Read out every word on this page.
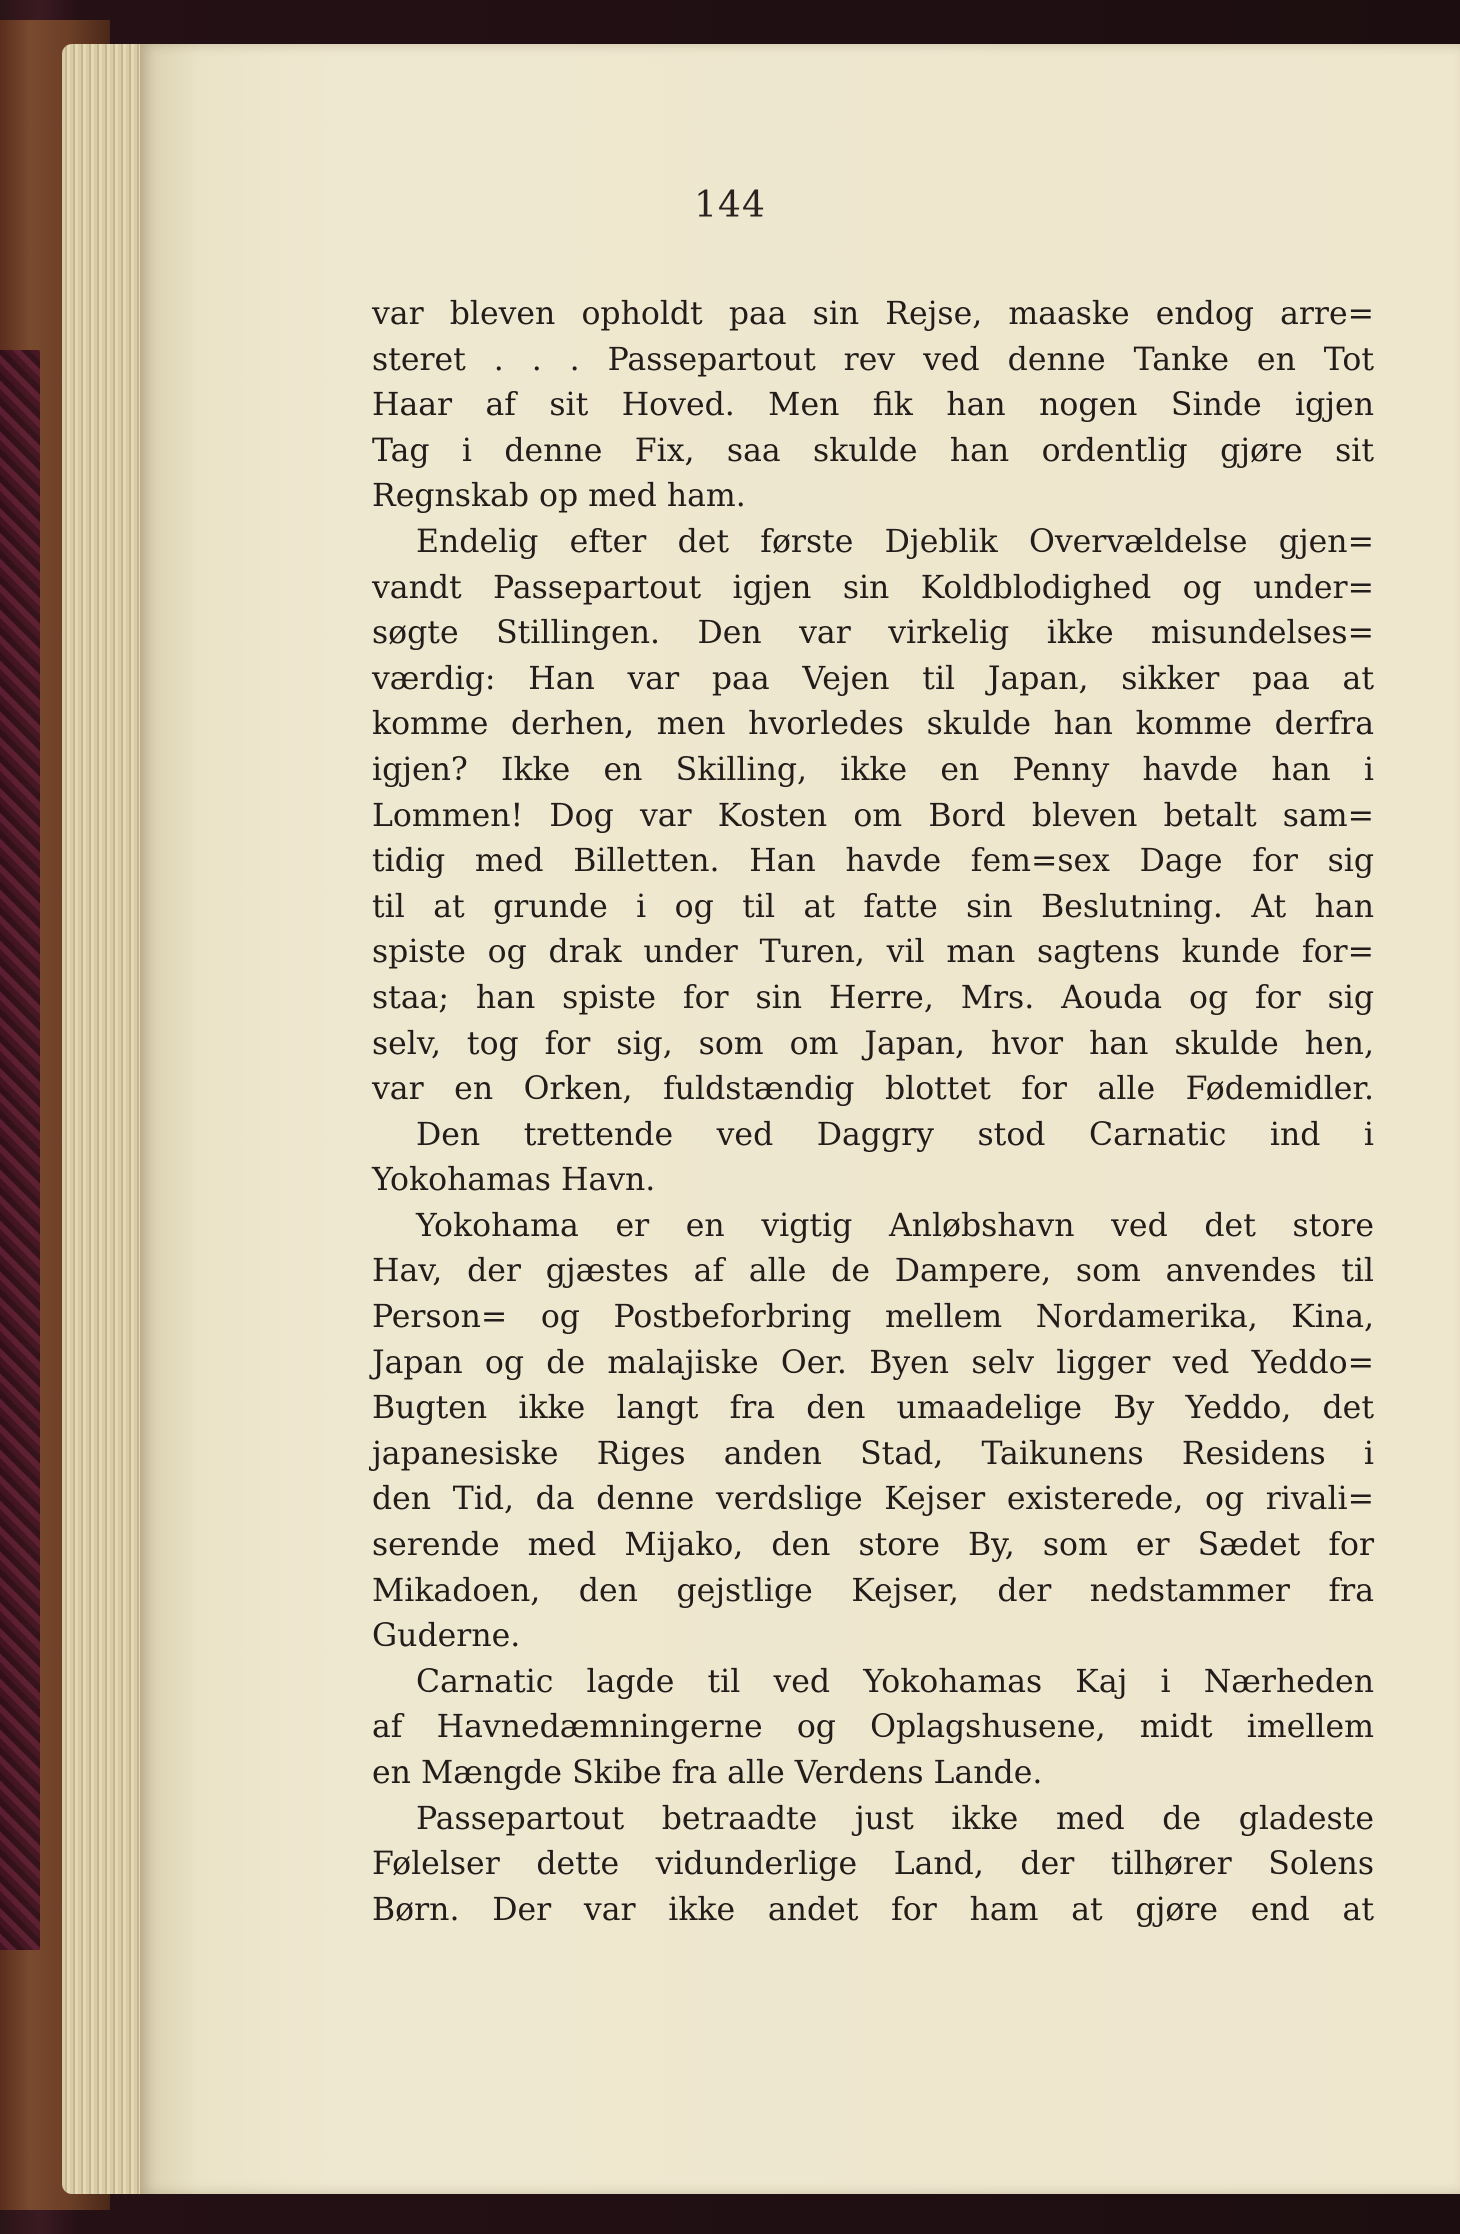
144
var bleven opholdt paa sin Rejse, maaske endog arre=
steret . . . Passepartout rev ved denne Tanke en Tot
Haar af sit Hoved. Men fik han nogen Sinde igjen
Tag i denne Fix, saa skulde han ordentlig gjøre sit
Regnskab op med ham.
Endelig efter det første Djeblik Overvældelse gjen=
vandt Passepartout igjen sin Koldblodighed og under=
søgte Stillingen. Den var virkelig ikke misundelses=
værdig: Han var paa Vejen til Japan, sikker paa at
komme derhen, men hvorledes skulde han komme derfra
igjen? Ikke en Skilling, ikke en Penny havde han i
Lommen! Dog var Kosten om Bord bleven betalt sam=
tidig med Billetten. Han havde fem=sex Dage for sig
til at grunde i og til at fatte sin Beslutning. At han
spiste og drak under Turen, vil man sagtens kunde for=
staa; han spiste for sin Herre, Mrs. Aouda og for sig
selv, tog for sig, som om Japan, hvor han skulde hen,
var en Orken, fuldstændig blottet for alle Fødemidler.
Den trettende ved Daggry stod Carnatic ind i
Yokohamas Havn.
Yokohama er en vigtig Anløbshavn ved det store
Hav, der gjæstes af alle de Dampere, som anvendes til
Person= og Postbeforbring mellem Nordamerika, Kina,
Japan og de malajiske Oer. Byen selv ligger ved Yeddo=
Bugten ikke langt fra den umaadelige By Yeddo, det
japanesiske Riges anden Stad, Taikunens Residens i
den Tid, da denne verdslige Kejser existerede, og rivali=
serende med Mijako, den store By, som er Sædet for
Mikadoen, den gejstlige Kejser, der nedstammer fra
Guderne.
Carnatic lagde til ved Yokohamas Kaj i Nærheden
af Havnedæmningerne og Oplagshusene, midt imellem
en Mængde Skibe fra alle Verdens Lande.
Passepartout betraadte just ikke med de gladeste
Følelser dette vidunderlige Land, der tilhører Solens
Børn. Der var ikke andet for ham at gjøre end at
